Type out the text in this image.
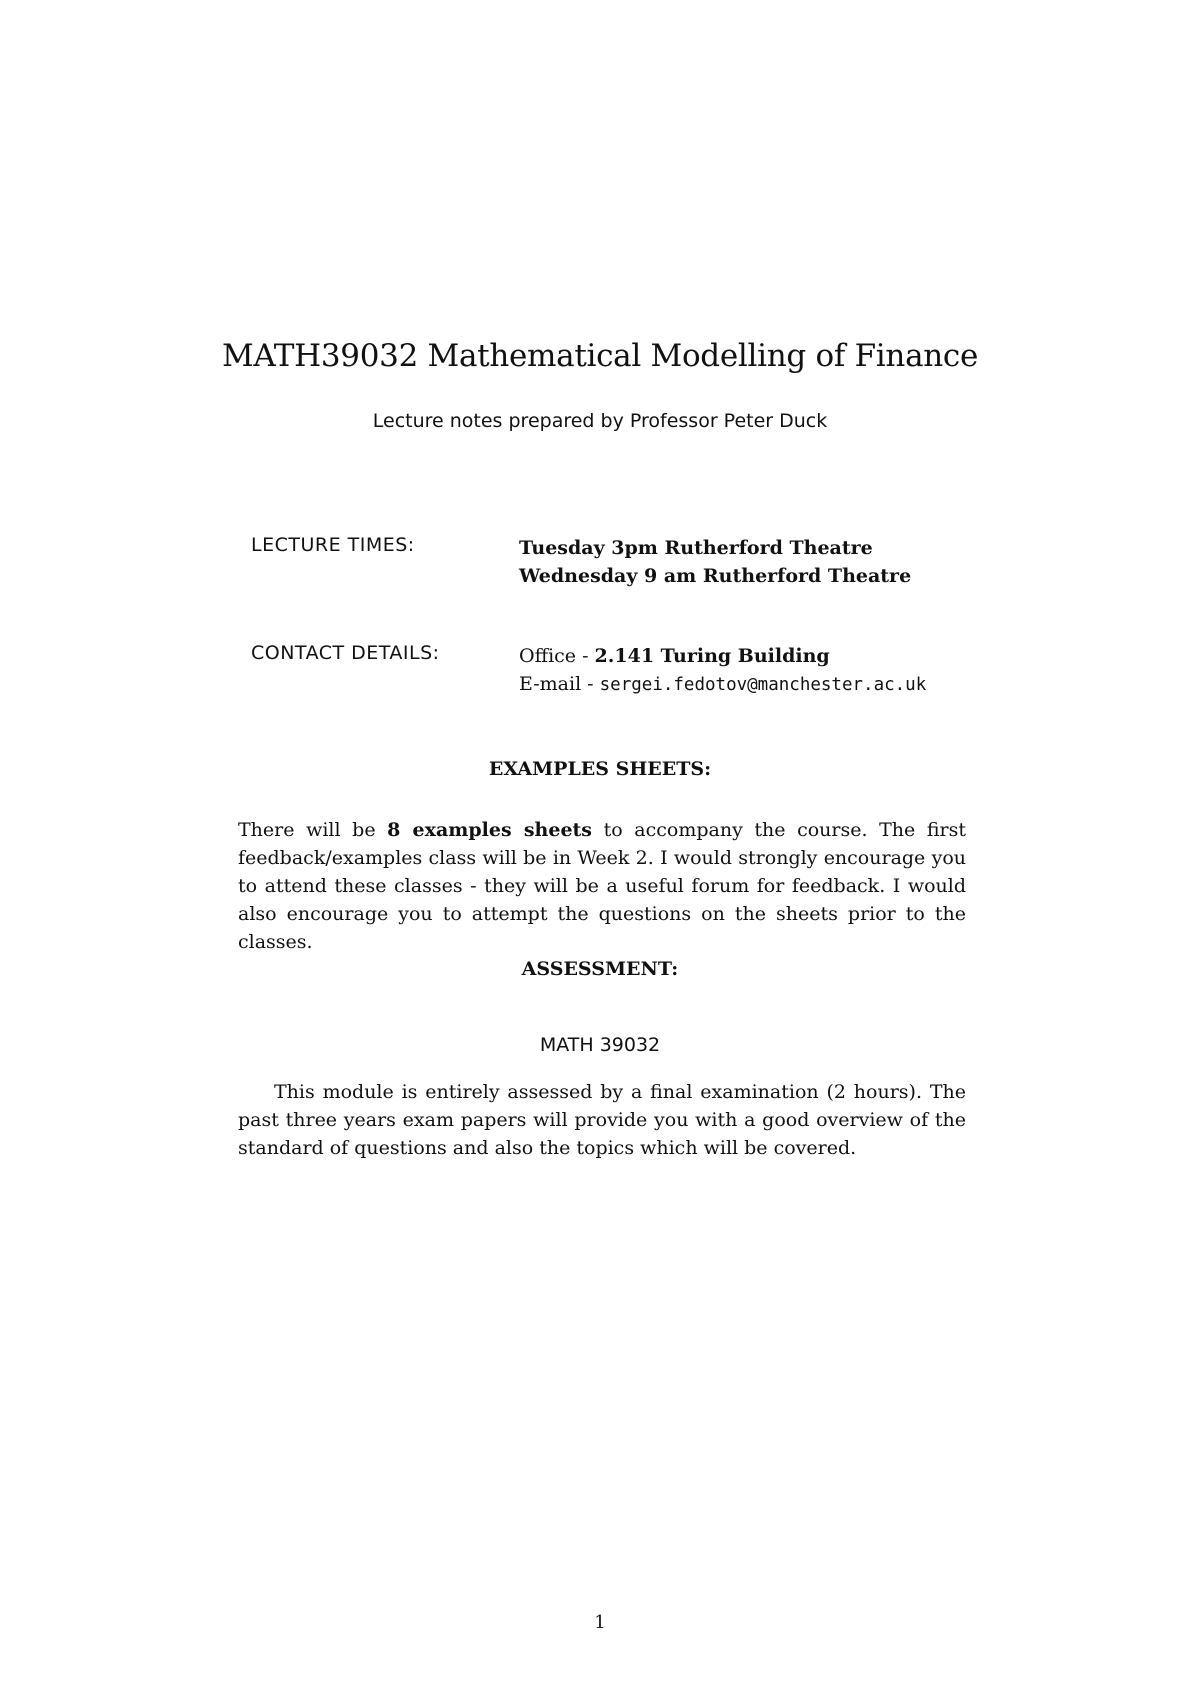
MATH39032 Mathematical Modelling of Finance
Lecture notes prepared by Professor Peter Duck
LECTURE TIMES:	Tuesday 3pm Rutherford Theatre
Wednesday 9 am Rutherford Theatre
CONTACT DETAILS:	Office - 2.141 Turing Building
E-mail - sergei.fedotov@manchester.ac.uk
EXAMPLES SHEETS:
There will be 8 examples sheets to accompany the course. The first feedback/examples class will be in Week 2. I would strongly encourage you to attend these classes - they will be a useful forum for feedback. I would also encourage you to attempt the questions on the sheets prior to the classes.
ASSESSMENT:
MATH 39032
This module is entirely assessed by a final examination (2 hours). The past three years exam papers will provide you with a good overview of the standard of questions and also the topics which will be covered.
1
